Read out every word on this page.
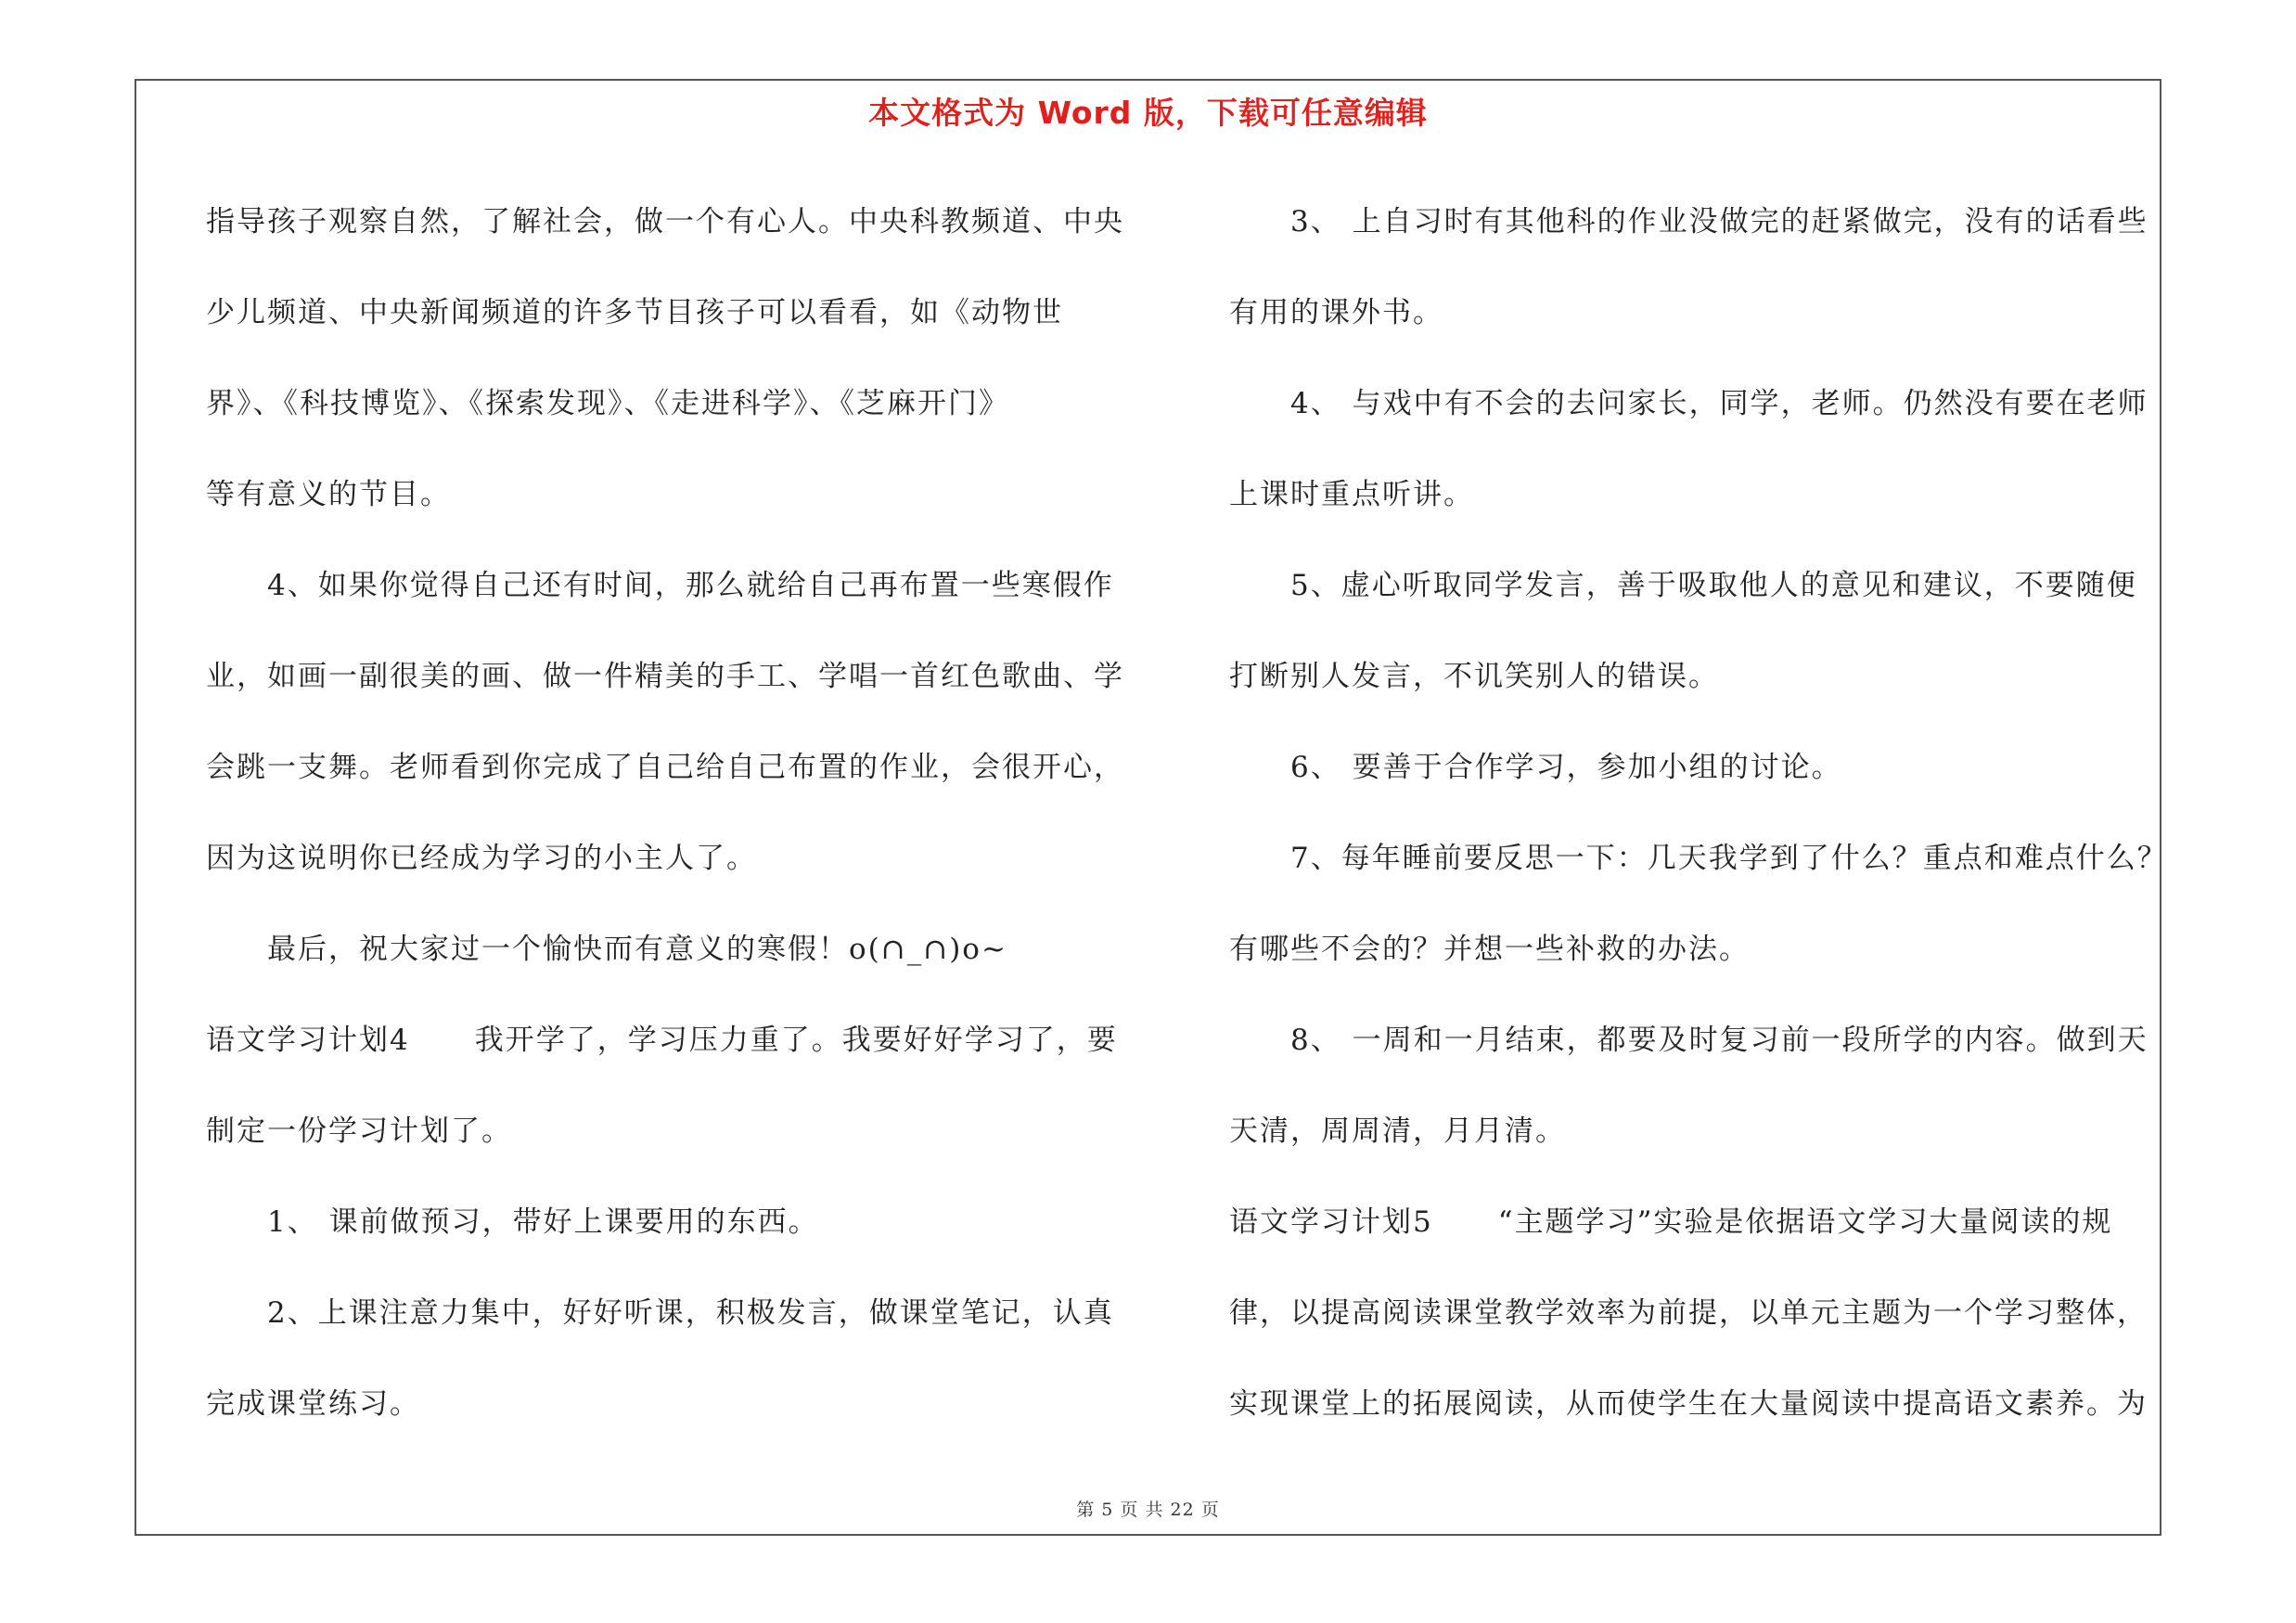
本文格式为 Word 版，下载可任意编辑
指导孩子观察自然，了解社会，做一个有心人。中央科教频道、中央
少儿频道、中央新闻频道的许多节目孩子可以看看，如《动物世
界》、《科技博览》、《探索发现》、《走进科学》、《芝麻开门》
等有意义的节目。
4、如果你觉得自己还有时间，那么就给自己再布置一些寒假作
业，如画一副很美的画、做一件精美的手工、学唱一首红色歌曲、学
会跳一支舞。老师看到你完成了自己给自己布置的作业，会很开心，
因为这说明你已经成为学习的小主人了。
最后，祝大家过一个愉快而有意义的寒假！o(∩_∩)o~
语文学习计划4 我开学了，学习压力重了。我要好好学习了，要
制定一份学习计划了。
1、 课前做预习，带好上课要用的东西。
2、上课注意力集中，好好听课，积极发言，做课堂笔记，认真
完成课堂练习。
3、 上自习时有其他科的作业没做完的赶紧做完，没有的话看些
有用的课外书。
4、 与戏中有不会的去问家长，同学，老师。仍然没有要在老师
上课时重点听讲。
5、虚心听取同学发言，善于吸取他人的意见和建议，不要随便
打断别人发言，不讥笑别人的错误。
6、 要善于合作学习，参加小组的讨论。
7、每年睡前要反思一下：几天我学到了什么？重点和难点什么？
有哪些不会的？并想一些补救的办法。
8、 一周和一月结束，都要及时复习前一段所学的内容。做到天
天清，周周清，月月清。
语文学习计划5 “主题学习”实验是依据语文学习大量阅读的规
律，以提高阅读课堂教学效率为前提，以单元主题为一个学习整体，
实现课堂上的拓展阅读，从而使学生在大量阅读中提高语文素养。为
第 5 页 共 22 页
